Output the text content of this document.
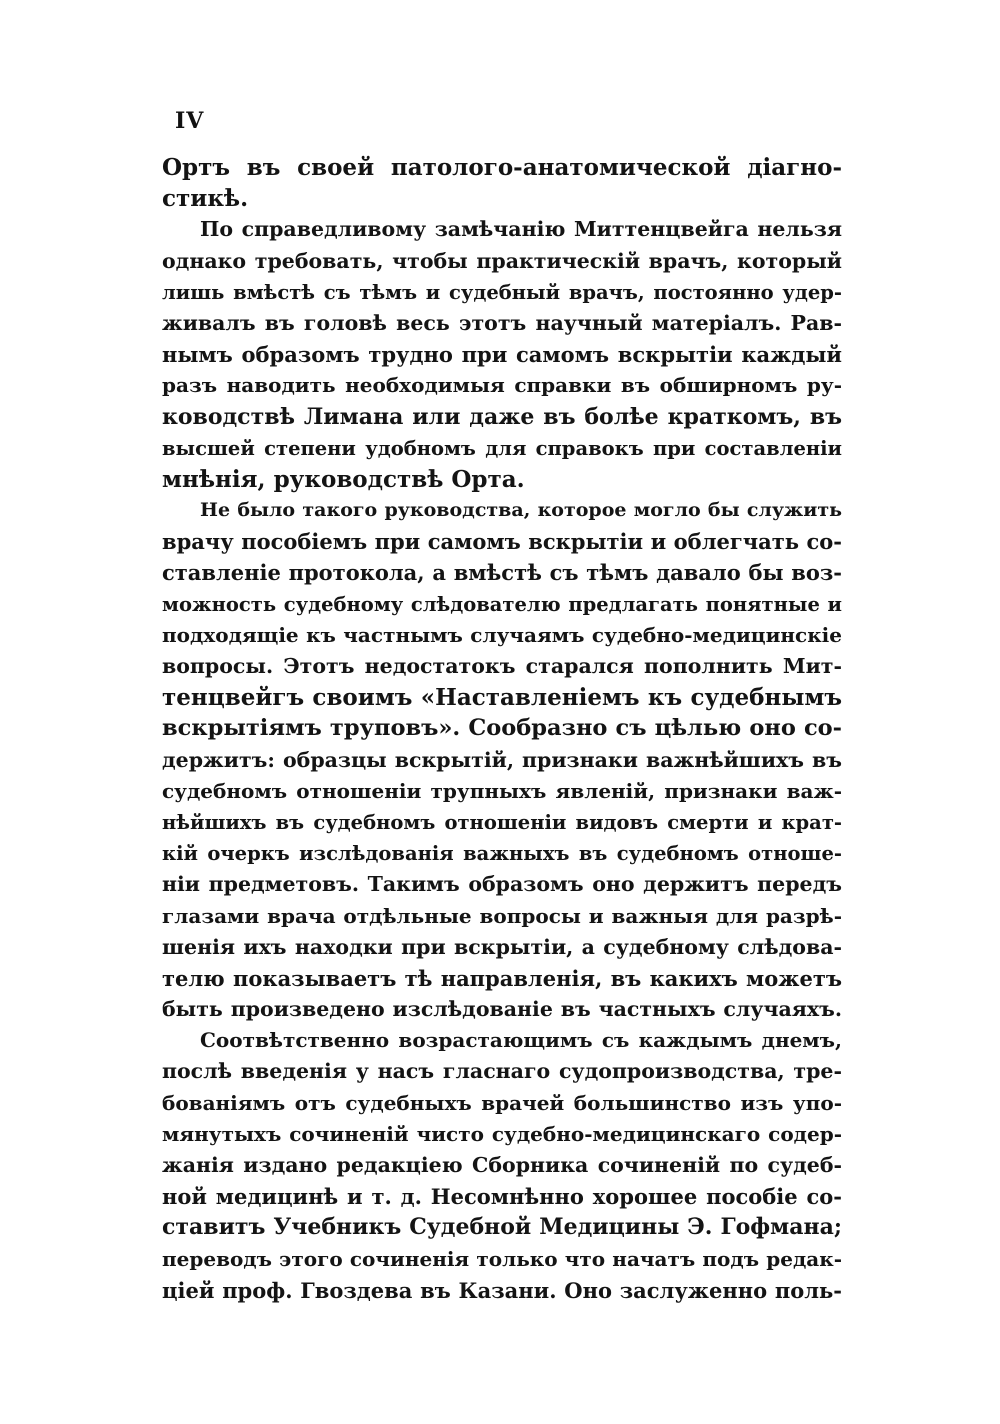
IV
Ортъ въ своей патолого-анатомической діагно-
стикѣ.
По справедливому замѣчанію Миттенцвейга нельзя
однако требовать, чтобы практическій врачъ, который
лишь вмѣстѣ съ тѣмъ и судебный врачъ, постоянно удер-
живалъ въ головѣ весь этотъ научный матеріалъ. Рав-
нымъ образомъ трудно при самомъ вскрытіи каждый
разъ наводить необходимыя справки въ обширномъ ру-
ководствѣ Лимана или даже въ болѣе краткомъ, въ
высшей степени удобномъ для справокъ при составленіи
мнѣнія, руководствѣ Орта.
Не было такого руководства, которое могло бы служить
врачу пособіемъ при самомъ вскрытіи и облегчать со-
ставленіе протокола, а вмѣстѣ съ тѣмъ давало бы воз-
можность судебному слѣдователю предлагать понятные и
подходящіе къ частнымъ случаямъ судебно-медицинскіе
вопросы. Этотъ недостатокъ старался пополнить Мит-
тенцвейгъ своимъ «Наставленіемъ къ судебнымъ
вскрытіямъ труповъ». Сообразно съ цѣлью оно со-
держитъ: образцы вскрытій, признаки важнѣйшихъ въ
судебномъ отношеніи трупныхъ явленій, признаки важ-
нѣйшихъ въ судебномъ отношеніи видовъ смерти и крат-
кій очеркъ изслѣдованія важныхъ въ судебномъ отноше-
ніи предметовъ. Такимъ образомъ оно держитъ передъ
глазами врача отдѣльные вопросы и важныя для разрѣ-
шенія ихъ находки при вскрытіи, а судебному слѣдова-
телю показываетъ тѣ направленія, въ какихъ можетъ
быть произведено изслѣдованіе въ частныхъ случаяхъ.
Соотвѣтственно возрастающимъ съ каждымъ днемъ,
послѣ введенія у насъ гласнаго судопроизводства, тре-
бованіямъ отъ судебныхъ врачей большинство изъ упо-
мянутыхъ сочиненій чисто судебно-медицинскаго содер-
жанія издано редакціею Сборника сочиненій по судеб-
ной медицинѣ и т. д. Несомнѣнно хорошее пособіе со-
ставитъ Учебникъ Судебной Медицины Э. Гофмана;
переводъ этого сочиненія только что начатъ подъ редак-
ціей проф. Гвоздева въ Казани. Оно заслуженно поль-
